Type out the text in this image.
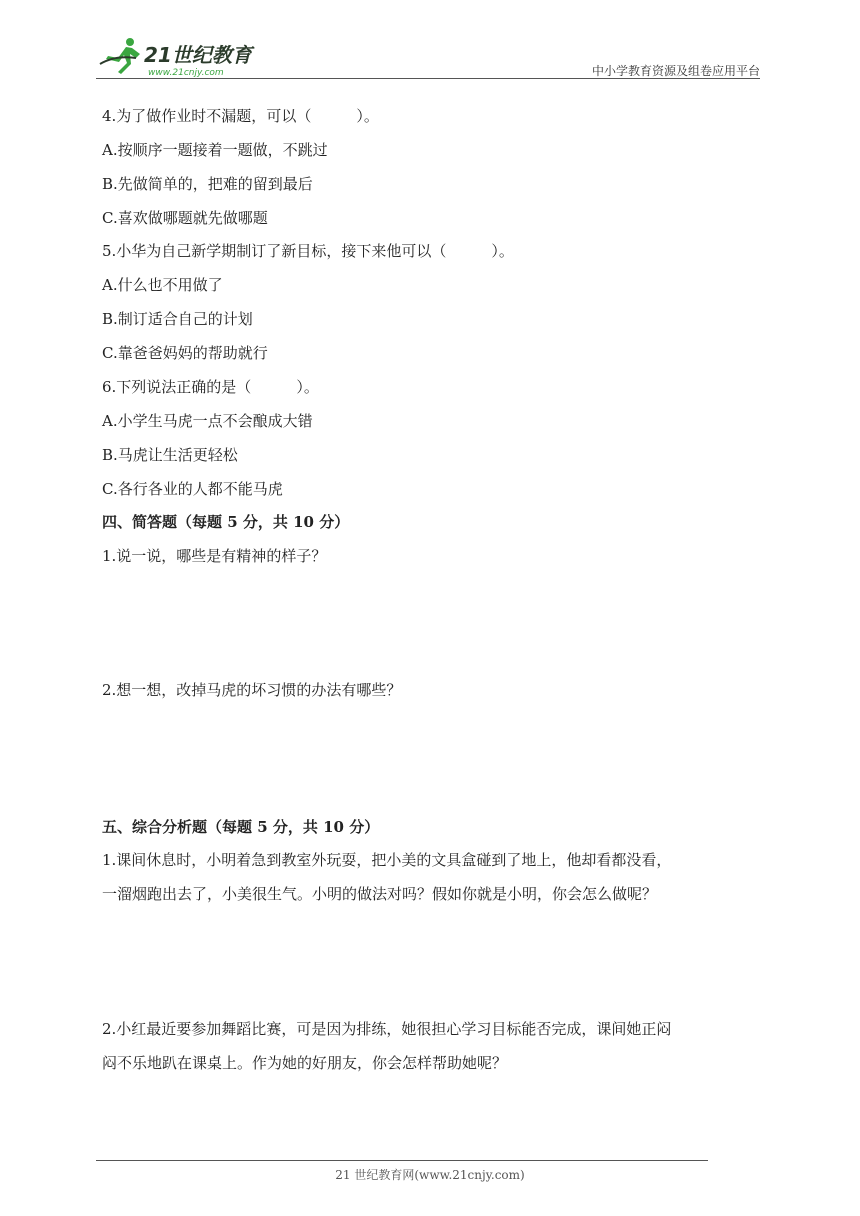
21世纪教育
www.21cnjy.com	中小学教育资源及组卷应用平台
4.为了做作业时不漏题，可以（　　　）。
A.按顺序一题接着一题做，不跳过
B.先做简单的，把难的留到最后
C.喜欢做哪题就先做哪题
5.小华为自己新学期制订了新目标，接下来他可以（　　　）。
A.什么也不用做了
B.制订适合自己的计划
C.靠爸爸妈妈的帮助就行
6.下列说法正确的是（　　　）。
A.小学生马虎一点不会酿成大错
B.马虎让生活更轻松
C.各行各业的人都不能马虎
四、简答题（每题 5 分，共 10 分）
1.说一说，哪些是有精神的样子？
2.想一想，改掉马虎的坏习惯的办法有哪些？
五、综合分析题（每题 5 分，共 10 分）
1.课间休息时，小明着急到教室外玩耍，把小美的文具盒碰到了地上，他却看都没看，
一溜烟跑出去了，小美很生气。小明的做法对吗？假如你就是小明，你会怎么做呢？
2.小红最近要参加舞蹈比赛，可是因为排练，她很担心学习目标能否完成，课间她正闷
闷不乐地趴在课桌上。作为她的好朋友，你会怎样帮助她呢？
21 世纪教育网(www.21cnjy.com)
